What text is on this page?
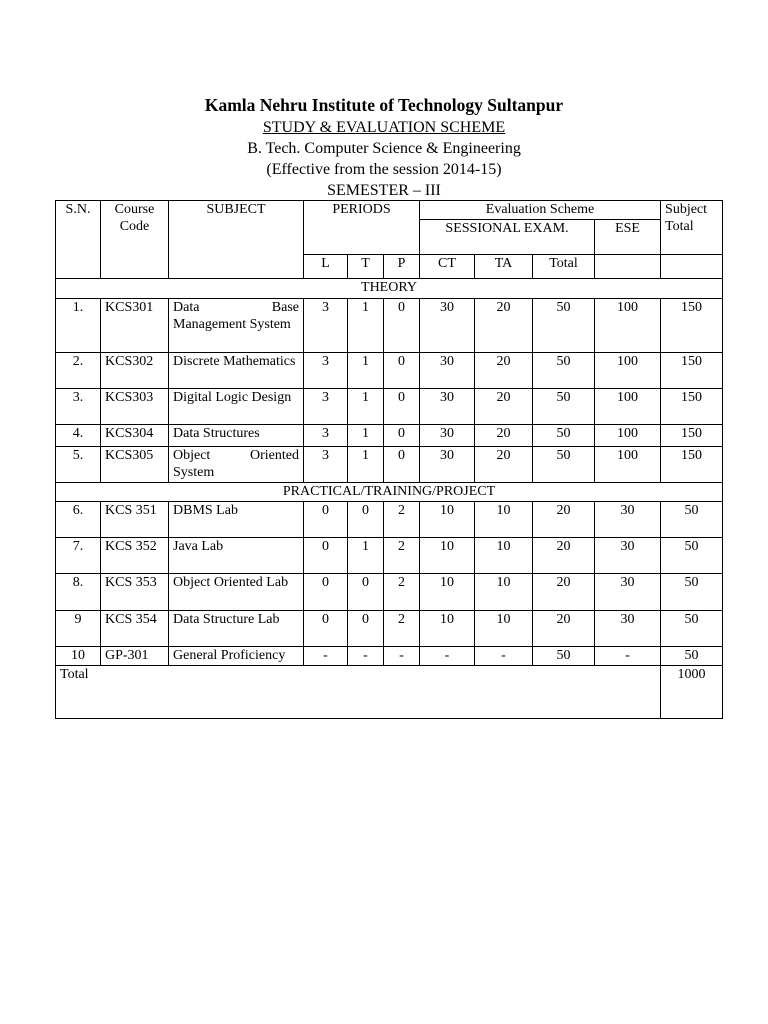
Kamla Nehru Institute of Technology Sultanpur
STUDY & EVALUATION SCHEME
B. Tech. Computer Science & Engineering
(Effective from the session 2014-15)
SEMESTER – III
S.N.	Course Code	SUBJECT	PERIODS			Evaluation Scheme				Subject Total
						SESSIONAL EXAM.			ESE	
			L	T	P	CT	TA	Total		
THEORY										
1.	KCS301	Data Base Management System	3	1	0	30	20	50	100	150
2.	KCS302	Discrete Mathematics	3	1	0	30	20	50	100	150
3.	KCS303	Digital Logic Design	3	1	0	30	20	50	100	150
4.	KCS304	Data Structures	3	1	0	30	20	50	100	150
5.	KCS305	Object Oriented System	3	1	0	30	20	50	100	150
PRACTICAL/TRAINING/PROJECT										
6.	KCS 351	DBMS Lab	0	0	2	10	10	20	30	50
7.	KCS 352	Java Lab	0	1	2	10	10	20	30	50
8.	KCS 353	Object Oriented Lab	0	0	2	10	10	20	30	50
9	KCS 354	Data Structure Lab	0	0	2	10	10	20	30	50
10	GP-301	General Proficiency	-	-	-	-	-	50	-	50
Total										1000
